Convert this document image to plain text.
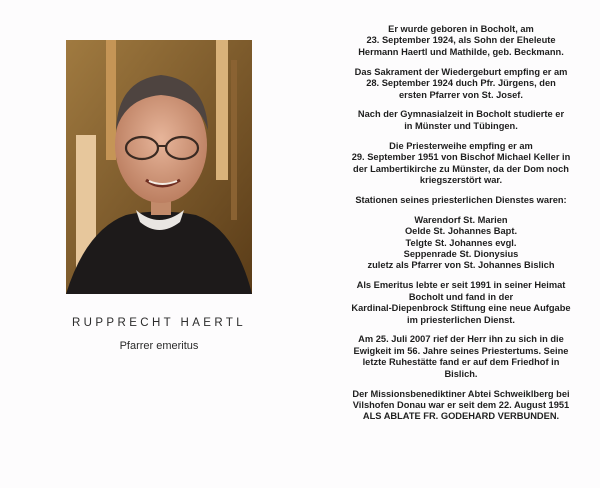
RUPPRECHT HAERTL
Pfarrer emeritus
Er wurde geboren in Bocholt, am
23. September 1924, als Sohn der Eheleute
Hermann Haertl und Mathilde, geb. Beckmann.
Das Sakrament der Wiedergeburt empfing er am
28. September 1924 duch Pfr. Jürgens, den
ersten Pfarrer von St. Josef.
Nach der Gymnasialzeit in Bocholt studierte er
in Münster und Tübingen.
Die Priesterweihe empfing er am
29. September 1951 von Bischof Michael Keller in
der Lambertikirche zu Münster, da der Dom noch
kriegszerstört war.
Stationen seines priesterlichen Dienstes waren:
Warendorf St. Marien
Oelde St. Johannes Bapt.
Telgte St. Johannes evgl.
Seppenrade St. Dionysius
zuletz als Pfarrer von St. Johannes Bislich
Als Emeritus lebte er seit 1991 in seiner Heimat
Bocholt und fand in der
Kardinal-Diepenbrock Stiftung eine neue Aufgabe
im priesterlichen Dienst.
Am 25. Juli 2007 rief der Herr ihn zu sich in die
Ewigkeit im 56. Jahre seines Priestertums. Seine
letzte Ruhestätte fand er auf dem Friedhof in
Bislich.
Der Missionsbenediktiner Abtei Schweiklberg bei
Vilshofen Donau war er seit dem 22. August 1951
ALS ABLATE FR. GODEHARD VERBUNDEN.
